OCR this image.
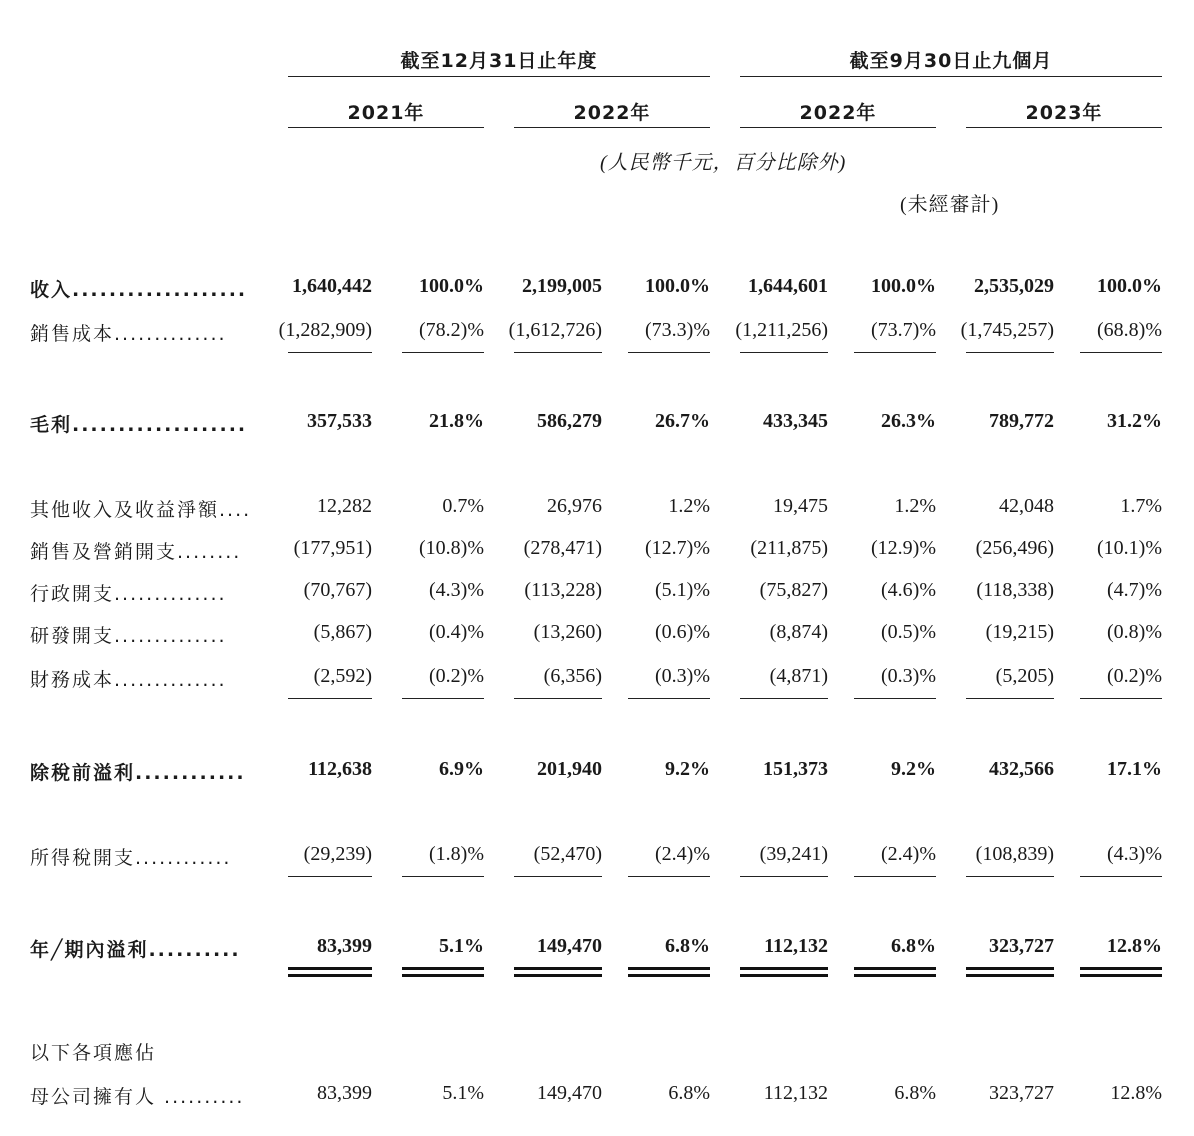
截至12月31日止年度	截至9月30日止九個月
2021年	2022年	2022年	2023年
(人民幣千元，百分比除外)
(未經審計)
收入...................	1,640,442	100.0%	2,199,005	100.0%	1,644,601	100.0%	2,535,029	100.0%
銷售成本..............	(1,282,909)	(78.2)%	(1,612,726)	(73.3)%	(1,211,256)	(73.7)%	(1,745,257)	(68.8)%
毛利...................	357,533	21.8%	586,279	26.7%	433,345	26.3%	789,772	31.2%
其他收入及收益淨額....	12,282	0.7%	26,976	1.2%	19,475	1.2%	42,048	1.7%
銷售及營銷開支........	(177,951)	(10.8)%	(278,471)	(12.7)%	(211,875)	(12.9)%	(256,496)	(10.1)%
行政開支..............	(70,767)	(4.3)%	(113,228)	(5.1)%	(75,827)	(4.6)%	(118,338)	(4.7)%
研發開支..............	(5,867)	(0.4)%	(13,260)	(0.6)%	(8,874)	(0.5)%	(19,215)	(0.8)%
財務成本..............	(2,592)	(0.2)%	(6,356)	(0.3)%	(4,871)	(0.3)%	(5,205)	(0.2)%
除稅前溢利............	112,638	6.9%	201,940	9.2%	151,373	9.2%	432,566	17.1%
所得稅開支............	(29,239)	(1.8)%	(52,470)	(2.4)%	(39,241)	(2.4)%	(108,839)	(4.3)%
年╱期內溢利..........	83,399	5.1%	149,470	6.8%	112,132	6.8%	323,727	12.8%
以下各項應佔
母公司擁有人 ..........	83,399	5.1%	149,470	6.8%	112,132	6.8%	323,727	12.8%
